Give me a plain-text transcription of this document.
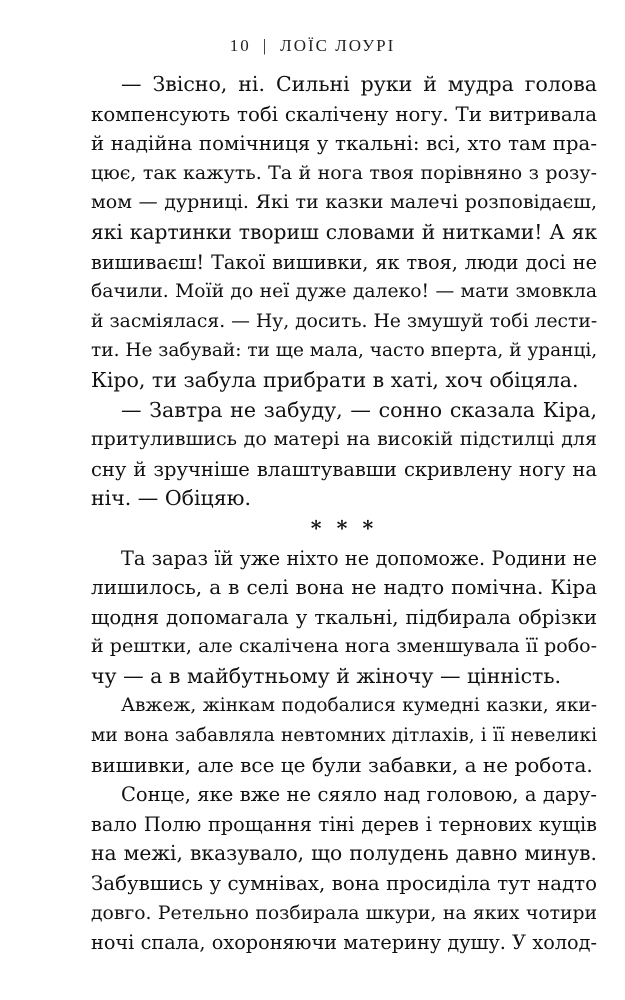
10 | ЛОЇС ЛОУРІ
— Звісно, ні. Сильні руки й мудра голова
компенсують тобі скалічену ногу. Ти витривала
й надійна помічниця у ткальні: всі, хто там пра-
цює, так кажуть. Та й нога твоя порівняно з розу-
мом — дурниці. Які ти казки малечі розповідаєш,
які картинки твориш словами й нитками! А як
вишиваєш! Такої вишивки, як твоя, люди досі не
бачили. Моїй до неї дуже далеко! — мати змовкла
й засміялася. — Ну, досить. Не змушуй тобі лести-
ти. Не забувай: ти ще мала, часто вперта, й уранці,
Кіро, ти забула прибрати в хаті, хоч обіцяла.
— Завтра не забуду, — сонно сказала Кіра,
притулившись до матері на високій підстилці для
сну й зручніше влаштувавши скривлену ногу на
ніч. — Обіцяю.
* * *
Та зараз їй уже ніхто не допоможе. Родини не
лишилось, а в селі вона не надто помічна. Кіра
щодня допомагала у ткальні, підбирала обрізки
й рештки, але скалічена нога зменшувала її робо-
чу — а в майбутньому й жіночу — цінність.
Авжеж, жінкам подобалися кумедні казки, яки-
ми вона забавляла невтомних дітлахів, і її невеликі
вишивки, але все це були забавки, а не робота.
Сонце, яке вже не сяяло над головою, а дару-
вало Полю прощання тіні дерев і тернових кущів
на межі, вказувало, що полудень давно минув.
Забувшись у сумнівах, вона просиділа тут надто
довго. Ретельно позбирала шкури, на яких чотири
ночі спала, охороняючи материну душу. У холод-
